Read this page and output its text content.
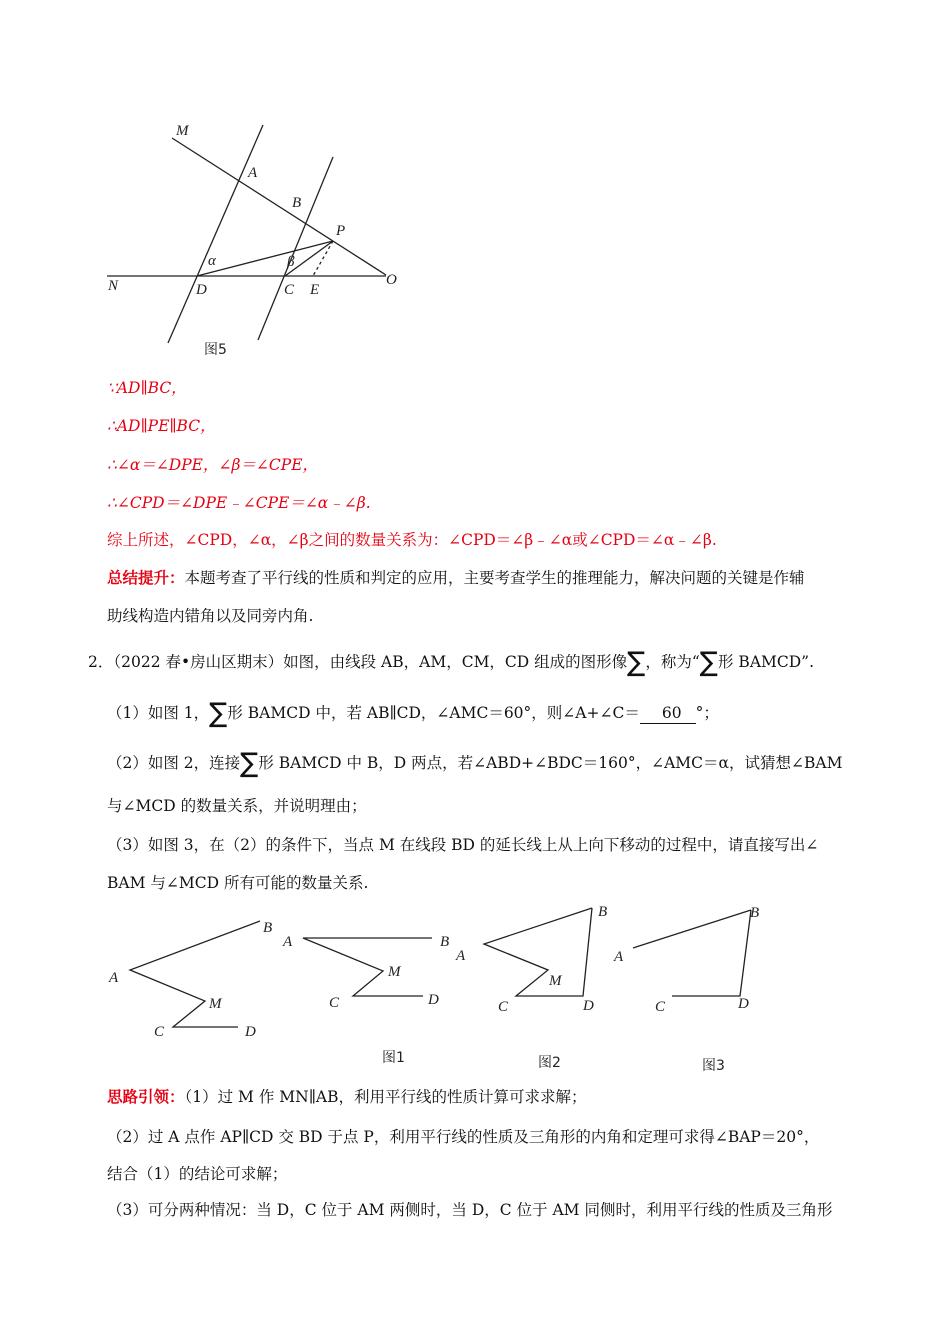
M
A
B
P
N	D	C E
O
α	β
图5
∵AD∥BC，
∴AD∥PE∥BC，
∴∠α＝∠DPE，∠β＝∠CPE，
∴∠CPD＝∠DPE﹣∠CPE＝∠α﹣∠β.
综上所述，∠CPD，∠α，∠β之间的数量关系为：∠CPD＝∠β﹣∠α或∠CPD＝∠α﹣∠β.
总结提升：本题考查了平行线的性质和判定的应用，主要考查学生的推理能力，解决问题的关键是作辅
助线构造内错角以及同旁内角.
2．（2022 春•房山区期末）如图，由线段 AB，AM，CM，CD 组成的图形像∑，称为“∑形 BAMCD”.
（1）如图 1，∑形 BAMCD 中，若 AB∥CD，∠AMC＝60°，则∠A+∠C＝ 60 °；
（2）如图 2，连接∑形 BAMCD 中 B，D 两点，若∠ABD+∠BDC＝160°，∠AMC＝α，试猜想∠BAM
与∠MCD 的数量关系，并说明理由；
（3）如图 3，在（2）的条件下，当点 M 在线段 BD 的延长线上从上向下移动的过程中，请直接写出∠
BAM 与∠MCD 所有可能的数量关系.
B
A
M
C	D
A	B
M
C	D
图1
B
A
M
C	D
图2
B
A
C	D
图3
思路引领：（1）过 M 作 MN∥AB，利用平行线的性质计算可求求解；
（2）过 A 点作 AP∥CD 交 BD 于点 P，利用平行线的性质及三角形的内角和定理可求得∠BAP＝20°，
结合（1）的结论可求解；
（3）可分两种情况：当 D，C 位于 AM 两侧时，当 D，C 位于 AM 同侧时，利用平行线的性质及三角形
